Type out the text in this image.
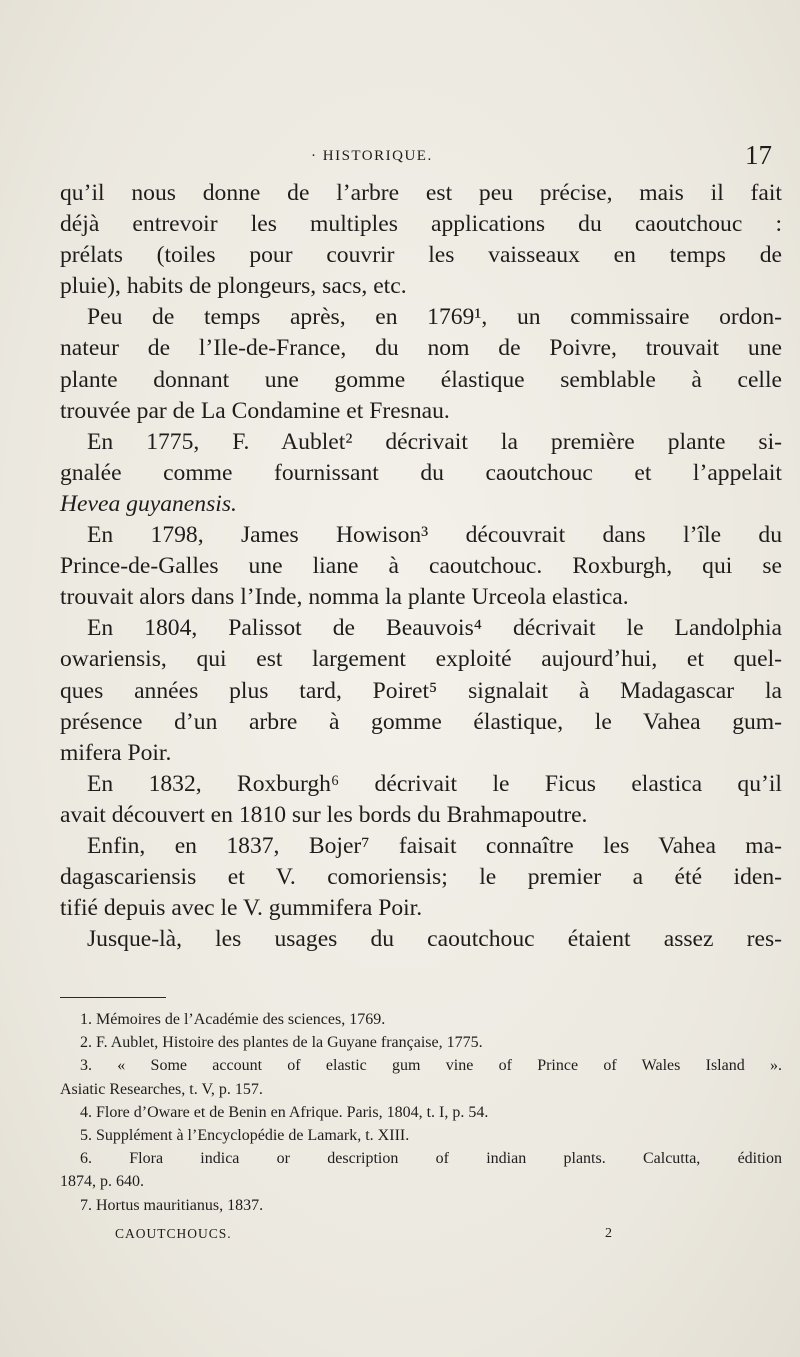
· HISTORIQUE.	17
qu’il nous donne de l’arbre est peu précise, mais il fait
déjà entrevoir les multiples applications du caoutchouc :
prélats (toiles pour couvrir les vaisseaux en temps de
pluie), habits de plongeurs, sacs, etc.
Peu de temps après, en 1769¹, un commissaire ordon-
nateur de l’Ile-de-France, du nom de Poivre, trouvait une
plante donnant une gomme élastique semblable à celle
trouvée par de La Condamine et Fresnau.
En 1775, F. Aublet² décrivait la première plante si-
gnalée comme fournissant du caoutchouc et l’appelait
Hevea guyanensis.
En 1798, James Howison³ découvrait dans l’île du
Prince-de-Galles une liane à caoutchouc. Roxburgh, qui se
trouvait alors dans l’Inde, nomma la plante Urceola elastica.
En 1804, Palissot de Beauvois⁴ décrivait le Landolphia
owariensis, qui est largement exploité aujourd’hui, et quel-
ques années plus tard, Poiret⁵ signalait à Madagascar la
présence d’un arbre à gomme élastique, le Vahea gum-
mifera Poir.
En 1832, Roxburgh⁶ décrivait le Ficus elastica qu’il
avait découvert en 1810 sur les bords du Brahmapoutre.
Enfin, en 1837, Bojer⁷ faisait connaître les Vahea ma-
dagascariensis et V. comoriensis; le premier a été iden-
tifié depuis avec le V. gummifera Poir.
Jusque-là, les usages du caoutchouc étaient assez res-
1. Mémoires de l’Académie des sciences, 1769.
2. F. Aublet, Histoire des plantes de la Guyane française, 1775.
3. « Some account of elastic gum vine of Prince of Wales Island ».
Asiatic Researches, t. V, p. 157.
4. Flore d’Oware et de Benin en Afrique. Paris, 1804, t. I, p. 54.
5. Supplément à l’Encyclopédie de Lamark, t. XIII.
6. Flora indica or description of indian plants. Calcutta, édition
1874, p. 640.
7. Hortus mauritianus, 1837.
CAOUTCHOUCS.	2
